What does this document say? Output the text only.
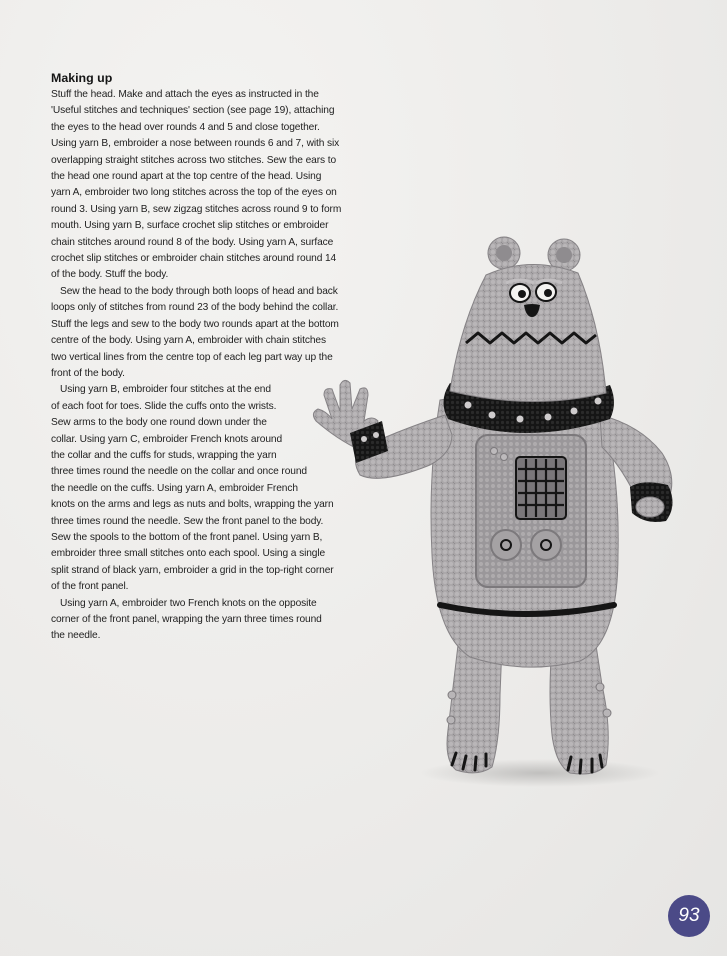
Making up
Stuff the head. Make and attach the eyes as instructed in the
'Useful stitches and techniques' section (see page 19), attaching
the eyes to the head over rounds 4 and 5 and close together.
Using yarn B, embroider a nose between rounds 6 and 7, with six
overlapping straight stitches across two stitches. Sew the ears to
the head one round apart at the top centre of the head. Using
yarn A, embroider two long stitches across the top of the eyes on
round 3. Using yarn B, sew zigzag stitches across round 9 to form
mouth. Using yarn B, surface crochet slip stitches or embroider
chain stitches around round 8 of the body. Using yarn A, surface
crochet slip stitches or embroider chain stitches around round 14
of the body. Stuff the body.
Sew the head to the body through both loops of head and back
loops only of stitches from round 23 of the body behind the collar.
Stuff the legs and sew to the body two rounds apart at the bottom
centre of the body. Using yarn A, embroider with chain stitches
two vertical lines from the centre top of each leg part way up the
front of the body.
Using yarn B, embroider four stitches at the end
of each foot for toes. Slide the cuffs onto the wrists.
Sew arms to the body one round down under the
collar. Using yarn C, embroider French knots around
the collar and the cuffs for studs, wrapping the yarn
three times round the needle on the collar and once round
the needle on the cuffs. Using yarn A, embroider French
knots on the arms and legs as nuts and bolts, wrapping the yarn
three times round the needle. Sew the front panel to the body.
Sew the spools to the bottom of the front panel. Using yarn B,
embroider three small stitches onto each spool. Using a single
split strand of black yarn, embroider a grid in the top-right corner
of the front panel.
Using yarn A, embroider two French knots on the opposite
corner of the front panel, wrapping the yarn three times round
the needle.
93
